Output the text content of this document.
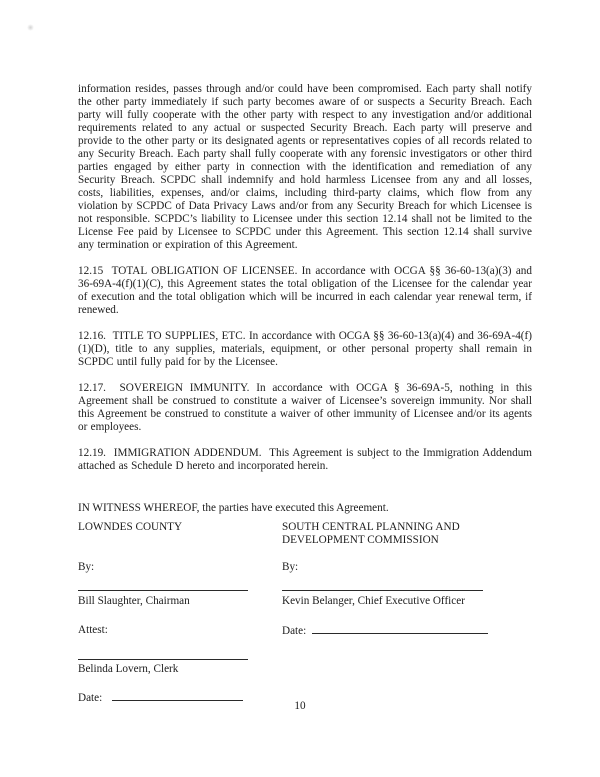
information resides, passes through and/or could have been compromised. Each party shall notify the other party immediately if such party becomes aware of or suspects a Security Breach. Each party will fully cooperate with the other party with respect to any investigation and/or additional requirements related to any actual or suspected Security Breach. Each party will preserve and provide to the other party or its designated agents or representatives copies of all records related to any Security Breach. Each party shall fully cooperate with any forensic investigators or other third parties engaged by either party in connection with the identification and remediation of any Security Breach. SCPDC shall indemnify and hold harmless Licensee from any and all losses, costs, liabilities, expenses, and/or claims, including third-party claims, which flow from any violation by SCPDC of Data Privacy Laws and/or from any Security Breach for which Licensee is not responsible. SCPDC’s liability to Licensee under this section 12.14 shall not be limited to the License Fee paid by Licensee to SCPDC under this Agreement. This section 12.14 shall survive any termination or expiration of this Agreement.

12.15  TOTAL OBLIGATION OF LICENSEE. In accordance with OCGA §§ 36-60-13(a)(3) and 36-69A-4(f)(1)(C), this Agreement states the total obligation of the Licensee for the calendar year of execution and the total obligation which will be incurred in each calendar year renewal term, if renewed.

12.16.  TITLE TO SUPPLIES, ETC. In accordance with OCGA §§ 36-60-13(a)(4) and 36-69A-4(f)(1)(D), title to any supplies, materials, equipment, or other personal property shall remain in SCPDC until fully paid for by the Licensee.

12.17.  SOVEREIGN IMMUNITY. In accordance with OCGA § 36-69A-5, nothing in this Agreement shall be construed to constitute a waiver of Licensee’s sovereign immunity. Nor shall this Agreement be construed to constitute a waiver of other immunity of Licensee and/or its agents or employees.

12.19.  IMMIGRATION ADDENDUM.  This Agreement is subject to the Immigration Addendum attached as Schedule D hereto and incorporated herein.

IN WITNESS WHEREOF, the parties have executed this Agreement.

LOWNDES COUNTY
By:
Bill Slaughter, Chairman
Attest:
Belinda Lovern, Clerk
Date:
SOUTH CENTRAL PLANNING AND
DEVELOPMENT COMMISSION
By:
Kevin Belanger, Chief Executive Officer
Date:
10
